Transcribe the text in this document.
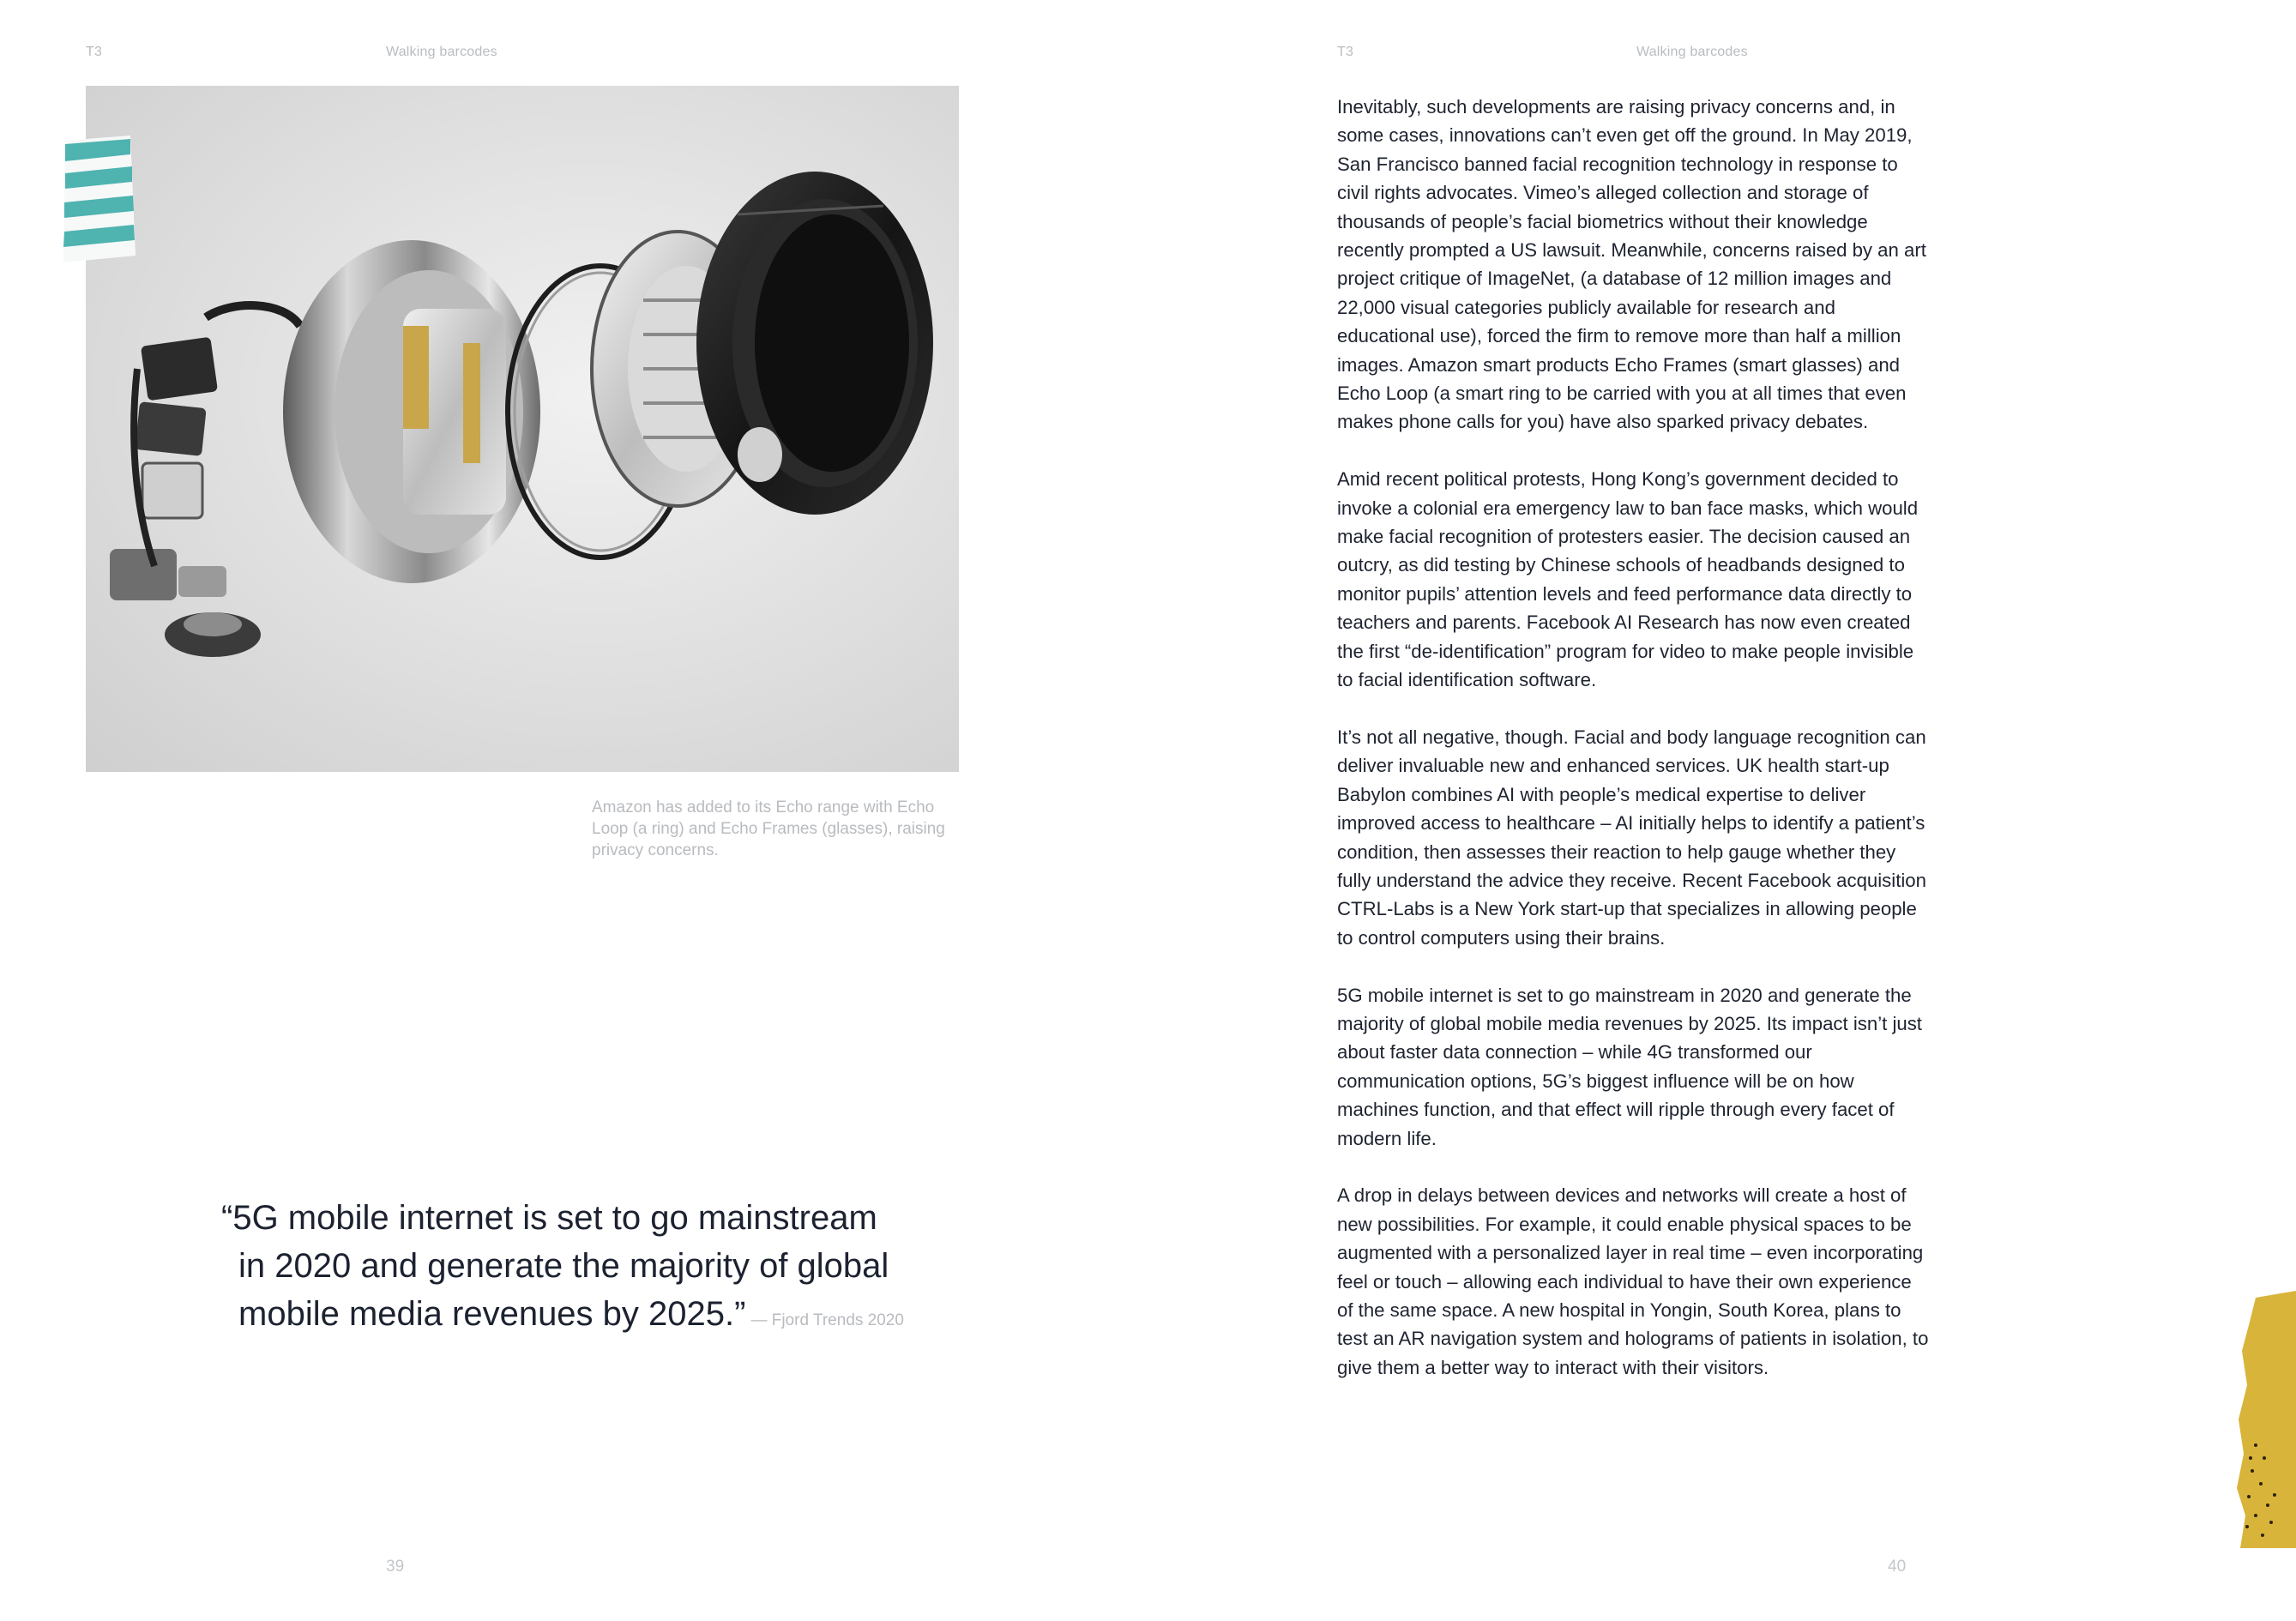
T3	Walking barcodes
Amazon has added to its Echo range with Echo Loop (a ring) and Echo Frames (glasses), raising privacy concerns.
“5G mobile internet is set to go mainstream
in 2020 and generate the majority of global
mobile media revenues by 2025.” — Fjord Trends 2020
39
T3	Walking barcodes

Inevitably, such developments are raising privacy concerns and, in some cases, innovations can’t even get off the ground. In May 2019, San Francisco banned facial recognition technology in response to civil rights advocates. Vimeo’s alleged collection and storage of thousands of people’s facial biometrics without their knowledge recently prompted a US lawsuit. Meanwhile, concerns raised by an art project critique of ImageNet, (a database of 12 million images and 22,000 visual categories publicly available for research and educational use), forced the firm to remove more than half a million images. Amazon smart products Echo Frames (smart glasses) and Echo Loop (a smart ring to be carried with you at all times that even makes phone calls for you) have also sparked privacy debates.

Amid recent political protests, Hong Kong’s government decided to invoke a colonial era emergency law to ban face masks, which would make facial recognition of protesters easier. The decision caused an outcry, as did testing by Chinese schools of headbands designed to monitor pupils’ attention levels and feed performance data directly to teachers and parents. Facebook AI Research has now even created the first “de-identification” program for video to make people invisible to facial identification software.

It’s not all negative, though. Facial and body language recognition can deliver invaluable new and enhanced services. UK health start-up Babylon combines AI with people’s medical expertise to deliver improved access to healthcare – AI initially helps to identify a patient’s condition, then assesses their reaction to help gauge whether they fully understand the advice they receive. Recent Facebook acquisition CTRL-Labs is a New York start-up that specializes in allowing people to control computers using their brains.

5G mobile internet is set to go mainstream in 2020 and generate the majority of global mobile media revenues by 2025. Its impact isn’t just about faster data connection – while 4G transformed our communication options, 5G’s biggest influence will be on how machines function, and that effect will ripple through every facet of modern life.

A drop in delays between devices and networks will create a host of new possibilities. For example, it could enable physical spaces to be augmented with a personalized layer in real time – even incorporating feel or touch – allowing each individual to have their own experience of the same space. A new hospital in Yongin, South Korea, plans to test an AR navigation system and holograms of patients in isolation, to give them a better way to interact with their visitors.

40
